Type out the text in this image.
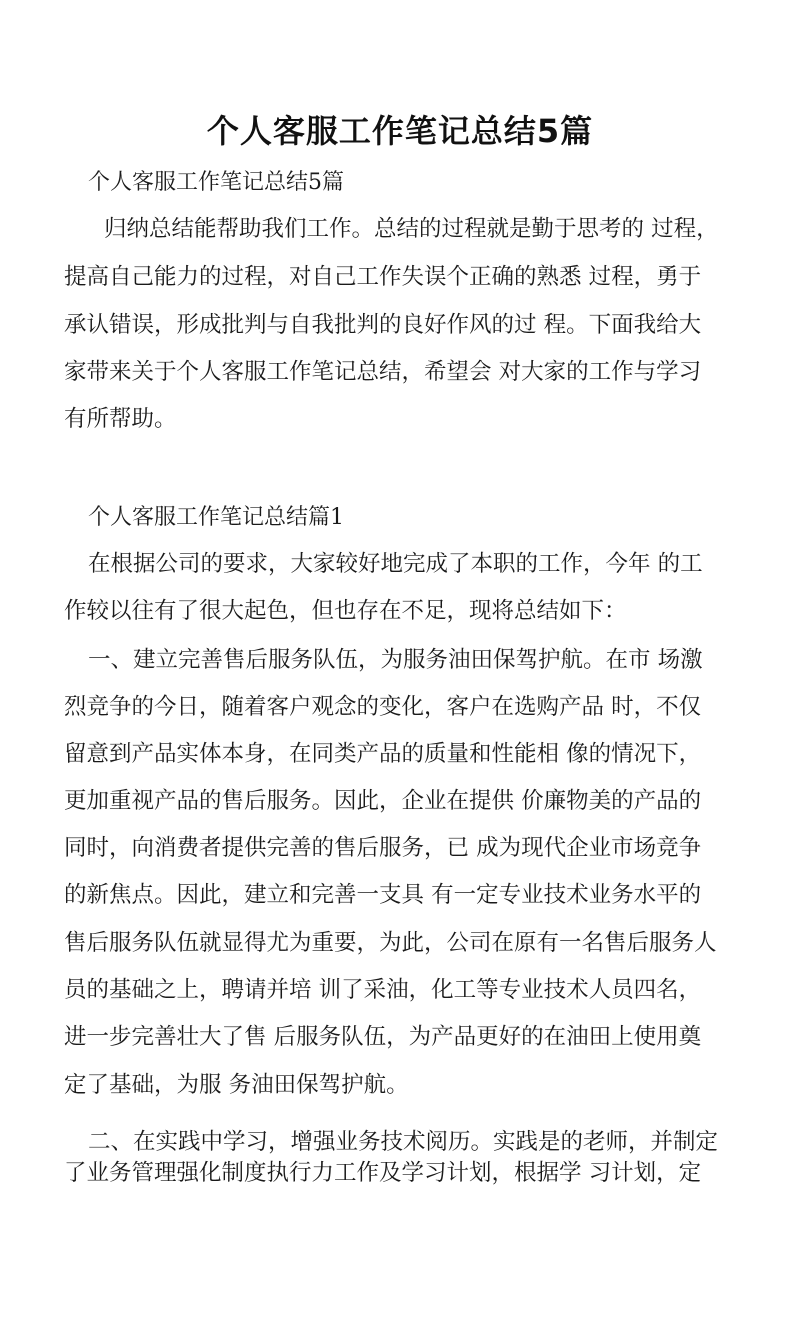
个人客服工作笔记总结5篇

个人客服工作笔记总结5篇

归纳总结能帮助我们工作。总结的过程就是勤于思考的 过程，

提高自己能力的过程，对自己工作失误个正确的熟悉 过程，勇于

承认错误，形成批判与自我批判的良好作风的过 程。下面我给大

家带来关于个人客服工作笔记总结，希望会 对大家的工作与学习

有所帮助。

个人客服工作笔记总结篇1

在根据公司的要求，大家较好地完成了本职的工作，今年 的工

作较以往有了很大起色，但也存在不足，现将总结如下：

一、建立完善售后服务队伍，为服务油田保驾护航。在市 场激

烈竞争的今日，随着客户观念的变化，客户在选购产品 时，不仅

留意到产品实体本身，在同类产品的质量和性能相 像的情况下，

更加重视产品的售后服务。因此，企业在提供 价廉物美的产品的

同时，向消费者提供完善的售后服务，已 成为现代企业市场竞争

的新焦点。因此，建立和完善一支具 有一定专业技术业务水平的

售后服务队伍就显得尤为重要，为此，公司在原有一名售后服务人

员的基础之上，聘请并培 训了采油，化工等专业技术人员四名，

进一步完善壮大了售 后服务队伍，为产品更好的在油田上使用奠

定了基础，为服 务油田保驾护航。

二、在实践中学习，增强业务技术阅历。实践是的老师，并制定

了业务管理强化制度执行力工作及学习计划，根据学 习计划，定
